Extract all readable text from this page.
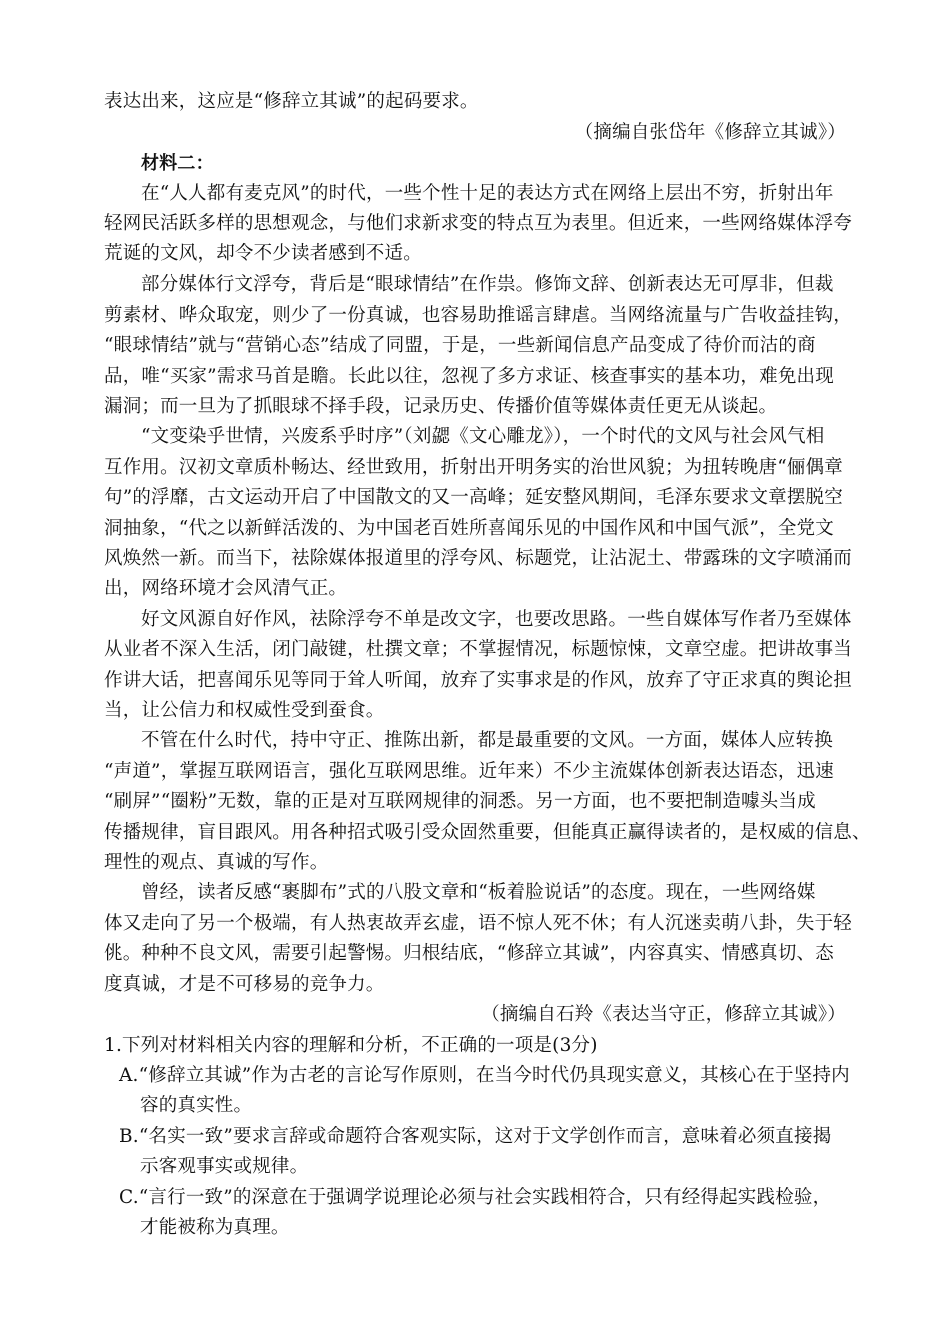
表达出来，这应是“修辞立其诚”的起码要求。

（摘编自张岱年《修辞立其诚》）

材料二：

在“人人都有麦克风”的时代，一些个性十足的表达方式在网络上层出不穷，折射出年

轻网民活跃多样的思想观念，与他们求新求变的特点互为表里。但近来，一些网络媒体浮夸

荒诞的文风，却令不少读者感到不适。

部分媒体行文浮夸，背后是“眼球情结”在作祟。修饰文辞、创新表达无可厚非，但裁

剪素材、哗众取宠，则少了一份真诚，也容易助推谣言肆虐。当网络流量与广告收益挂钩，

“眼球情结”就与“营销心态”结成了同盟，于是，一些新闻信息产品变成了待价而沽的商

品，唯“买家”需求马首是瞻。长此以往，忽视了多方求证、核查事实的基本功，难免出现

漏洞；而一旦为了抓眼球不择手段，记录历史、传播价值等媒体责任更无从谈起。

“文变染乎世情，兴废系乎时序”（刘勰《文心雕龙》），一个时代的文风与社会风气相

互作用。汉初文章质朴畅达、经世致用，折射出开明务实的治世风貌；为扭转晚唐“俪偶章

句”的浮靡，古文运动开启了中国散文的又一高峰；延安整风期间，毛泽东要求文章摆脱空

洞抽象，“代之以新鲜活泼的、为中国老百姓所喜闻乐见的中国作风和中国气派”，全党文

风焕然一新。而当下，祛除媒体报道里的浮夸风、标题党，让沾泥土、带露珠的文字喷涌而

出，网络环境才会风清气正。

好文风源自好作风，祛除浮夸不单是改文字，也要改思路。一些自媒体写作者乃至媒体

从业者不深入生活，闭门敲键，杜撰文章；不掌握情况，标题惊悚，文章空虚。把讲故事当

作讲大话，把喜闻乐见等同于耸人听闻，放弃了实事求是的作风，放弃了守正求真的舆论担

当，让公信力和权威性受到蚕食。

不管在什么时代，持中守正、推陈出新，都是最重要的文风。一方面，媒体人应转换

“声道”，掌握互联网语言，强化互联网思维。近年来）不少主流媒体创新表达语态，迅速

“刷屏”“圈粉”无数，靠的正是对互联网规律的洞悉。另一方面，也不要把制造噱头当成

传播规律，盲目跟风。用各种招式吸引受众固然重要，但能真正赢得读者的，是权威的信息、

理性的观点、真诚的写作。

曾经，读者反感“裹脚布”式的八股文章和“板着脸说话”的态度。现在，一些网络媒

体又走向了另一个极端，有人热衷故弄玄虚，语不惊人死不休；有人沉迷卖萌八卦，失于轻

佻。种种不良文风，需要引起警惕。归根结底，“修辞立其诚”，内容真实、情感真切、态

度真诚，才是不可移易的竞争力。

（摘编自石羚《表达当守正，修辞立其诚》）

1.下列对材料相关内容的理解和分析，不正确的一项是(3分)

A.“修辞立其诚”作为古老的言论写作原则，在当今时代仍具现实意义，其核心在于坚持内

容的真实性。

B.“名实一致”要求言辞或命题符合客观实际，这对于文学创作而言，意味着必须直接揭

示客观事实或规律。

C.“言行一致”的深意在于强调学说理论必须与社会实践相符合，只有经得起实践检验，

才能被称为真理。
